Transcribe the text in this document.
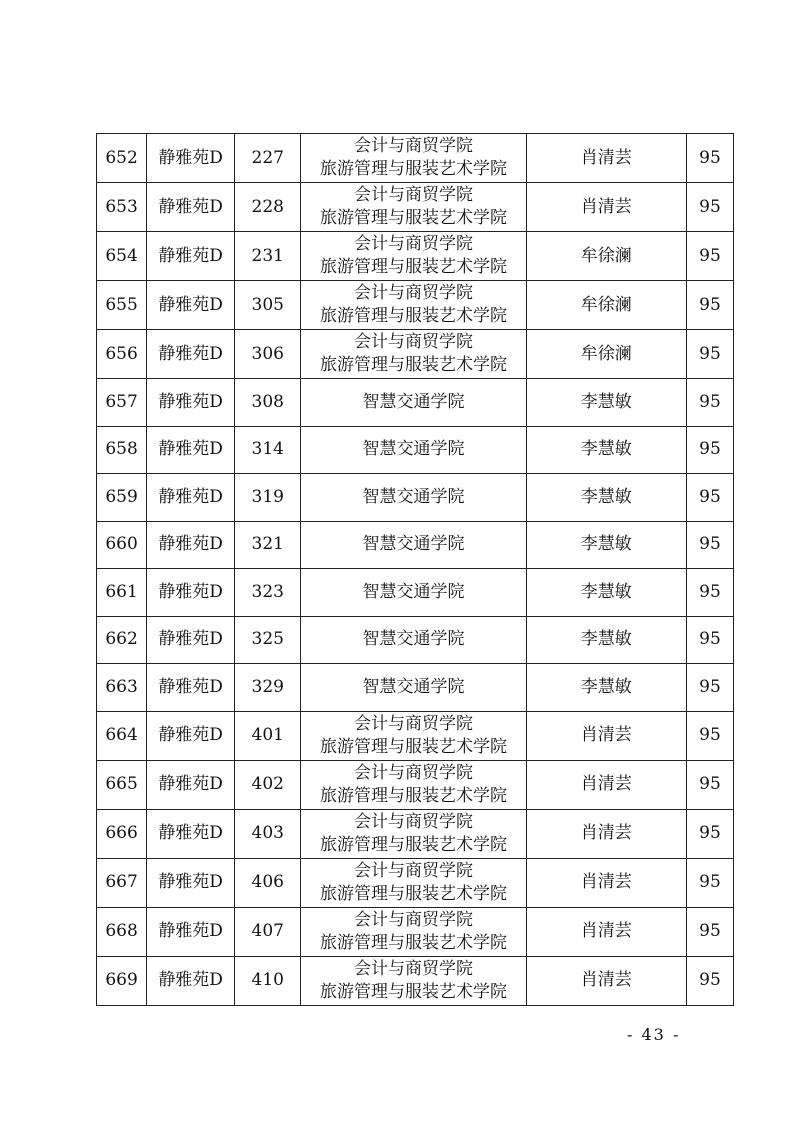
652	静雅苑D	227	会计与商贸学院
旅游管理与服装艺术学院	肖清芸	95
653	静雅苑D	228	会计与商贸学院
旅游管理与服装艺术学院	肖清芸	95
654	静雅苑D	231	会计与商贸学院
旅游管理与服装艺术学院	牟徐澜	95
655	静雅苑D	305	会计与商贸学院
旅游管理与服装艺术学院	牟徐澜	95
656	静雅苑D	306	会计与商贸学院
旅游管理与服装艺术学院	牟徐澜	95
657	静雅苑D	308	智慧交通学院	李慧敏	95
658	静雅苑D	314	智慧交通学院	李慧敏	95
659	静雅苑D	319	智慧交通学院	李慧敏	95
660	静雅苑D	321	智慧交通学院	李慧敏	95
661	静雅苑D	323	智慧交通学院	李慧敏	95
662	静雅苑D	325	智慧交通学院	李慧敏	95
663	静雅苑D	329	智慧交通学院	李慧敏	95
664	静雅苑D	401	会计与商贸学院
旅游管理与服装艺术学院	肖清芸	95
665	静雅苑D	402	会计与商贸学院
旅游管理与服装艺术学院	肖清芸	95
666	静雅苑D	403	会计与商贸学院
旅游管理与服装艺术学院	肖清芸	95
667	静雅苑D	406	会计与商贸学院
旅游管理与服装艺术学院	肖清芸	95
668	静雅苑D	407	会计与商贸学院
旅游管理与服装艺术学院	肖清芸	95
669	静雅苑D	410	会计与商贸学院
旅游管理与服装艺术学院	肖清芸	95
- 43 -
